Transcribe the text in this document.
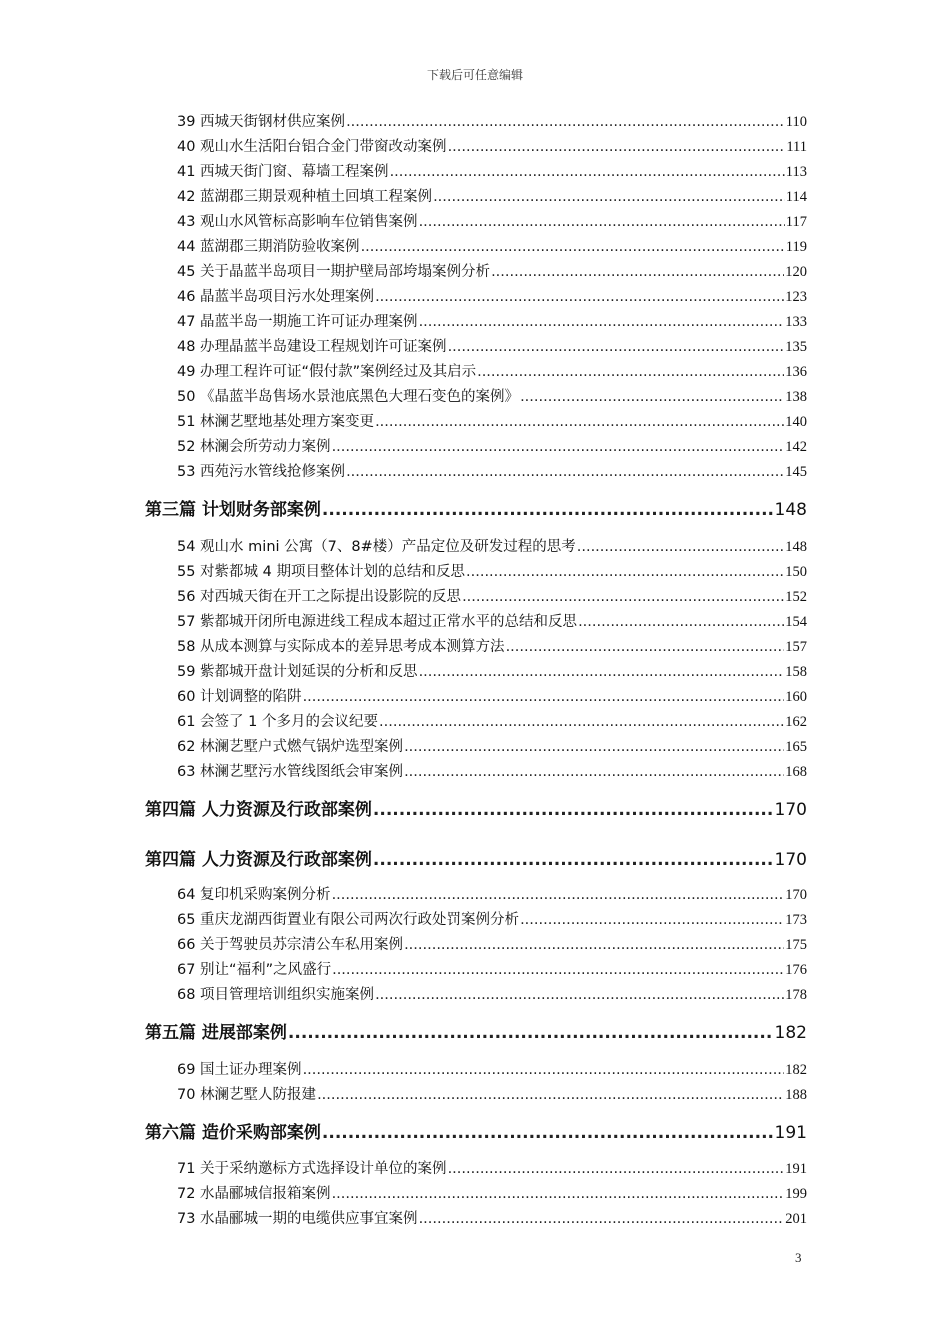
下载后可任意编辑
39 西城天街钢材供应案例 .....	110
40 观山水生活阳台铝合金门带窗改动案例 .....	111
41 西城天街门窗、幕墙工程案例 .....	113
42 蓝湖郡三期景观种植土回填工程案例 .....	114
43 观山水风管标高影响车位销售案例 .....	117
44 蓝湖郡三期消防验收案例 .....	119
45 关于晶蓝半岛项目一期护壁局部垮塌案例分析 .....	120
46 晶蓝半岛项目污水处理案例 .....	123
47 晶蓝半岛一期施工许可证办理案例 .....	133
48 办理晶蓝半岛建设工程规划许可证案例 .....	135
49 办理工程许可证“假付款”案例经过及其启示 .....	136
50 《晶蓝半岛售场水景池底黑色大理石变色的案例》 .....	138
51 林澜艺墅地基处理方案变更 .....	140
52 林澜会所劳动力案例 .....	142
53 西苑污水管线抢修案例 .....	145
第三篇 计划财务部案例 .....	148
54 观山水 mini 公寓（7、8#楼）产品定位及研发过程的思考 .....	148
55 对紫都城 4 期项目整体计划的总结和反思 .....	150
56 对西城天街在开工之际提出设影院的反思 .....	152
57 紫都城开闭所电源进线工程成本超过正常水平的总结和反思 .....	154
58 从成本测算与实际成本的差异思考成本测算方法 .....	157
59 紫都城开盘计划延误的分析和反思 .....	158
60 计划调整的陷阱 .....	160
61 会签了 1 个多月的会议纪要 .....	162
62 林澜艺墅户式燃气锅炉选型案例 .....	165
63 林澜艺墅污水管线图纸会审案例 .....	168
第四篇 人力资源及行政部案例 .....	170
第四篇 人力资源及行政部案例 .....	170
64 复印机采购案例分析 .....	170
65 重庆龙湖西街置业有限公司两次行政处罚案例分析 .....	173
66 关于驾驶员苏宗清公车私用案例 .....	175
67 别让“福利”之风盛行 .....	176
68 项目管理培训组织实施案例 .....	178
第五篇 进展部案例 .....	182
69 国土证办理案例 .....	182
70 林澜艺墅人防报建 .....	188
第六篇 造价采购部案例 .....	191
71 关于采纳邀标方式选择设计单位的案例 .....	191
72 水晶郦城信报箱案例 .....	199
73 水晶郦城一期的电缆供应事宜案例 .....	201
3
